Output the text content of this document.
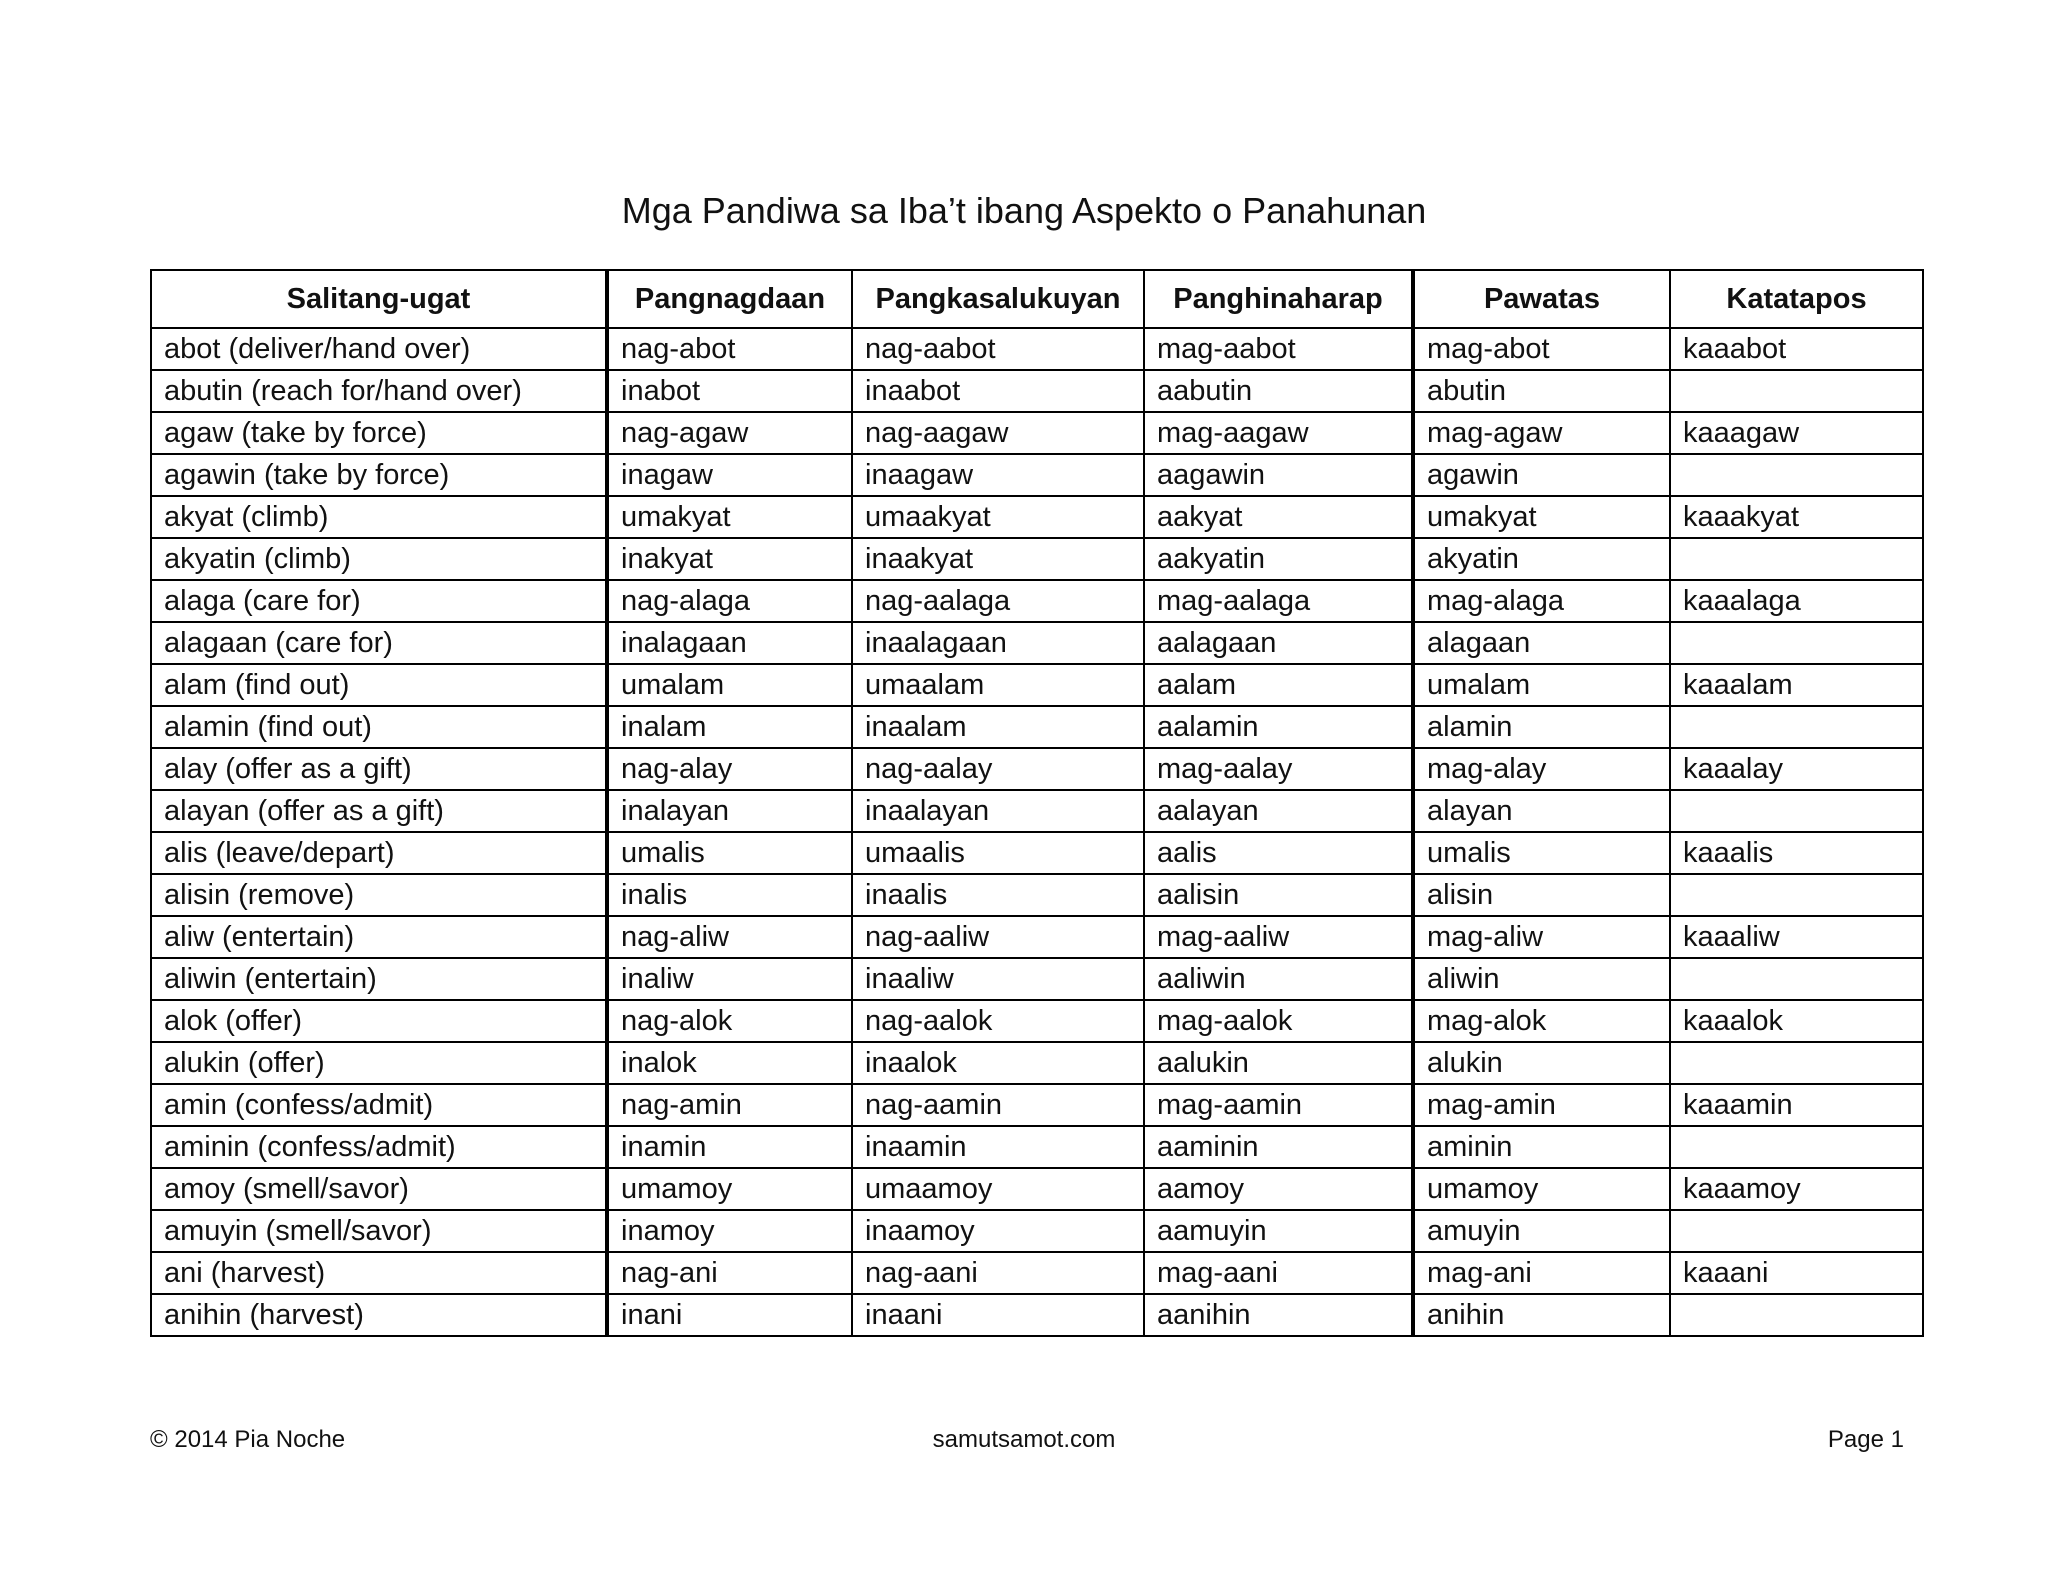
Mga Pandiwa sa Iba’t ibang Aspekto o Panahunan
Salitang-ugat	Pangnagdaan	Pangkasalukuyan	Panghinaharap	Pawatas	Katatapos
abot (deliver/hand over)	nag-abot	nag-aabot	mag-aabot	mag-abot	kaaabot
abutin (reach for/hand over)	inabot	inaabot	aabutin	abutin	
agaw (take by force)	nag-agaw	nag-aagaw	mag-aagaw	mag-agaw	kaaagaw
agawin (take by force)	inagaw	inaagaw	aagawin	agawin	
akyat (climb)	umakyat	umaakyat	aakyat	umakyat	kaaakyat
akyatin (climb)	inakyat	inaakyat	aakyatin	akyatin	
alaga (care for)	nag-alaga	nag-aalaga	mag-aalaga	mag-alaga	kaaalaga
alagaan (care for)	inalagaan	inaalagaan	aalagaan	alagaan	
alam (find out)	umalam	umaalam	aalam	umalam	kaaalam
alamin (find out)	inalam	inaalam	aalamin	alamin	
alay (offer as a gift)	nag-alay	nag-aalay	mag-aalay	mag-alay	kaaalay
alayan (offer as a gift)	inalayan	inaalayan	aalayan	alayan	
alis (leave/depart)	umalis	umaalis	aalis	umalis	kaaalis
alisin (remove)	inalis	inaalis	aalisin	alisin	
aliw (entertain)	nag-aliw	nag-aaliw	mag-aaliw	mag-aliw	kaaaliw
aliwin (entertain)	inaliw	inaaliw	aaliwin	aliwin	
alok (offer)	nag-alok	nag-aalok	mag-aalok	mag-alok	kaaalok
alukin (offer)	inalok	inaalok	aalukin	alukin	
amin (confess/admit)	nag-amin	nag-aamin	mag-aamin	mag-amin	kaaamin
aminin (confess/admit)	inamin	inaamin	aaminin	aminin	
amoy (smell/savor)	umamoy	umaamoy	aamoy	umamoy	kaaamoy
amuyin (smell/savor)	inamoy	inaamoy	aamuyin	amuyin	
ani (harvest)	nag-ani	nag-aani	mag-aani	mag-ani	kaaani
anihin (harvest)	inani	inaani	aanihin	anihin	
© 2014 Pia Noche	samutsamot.com	Page 1
